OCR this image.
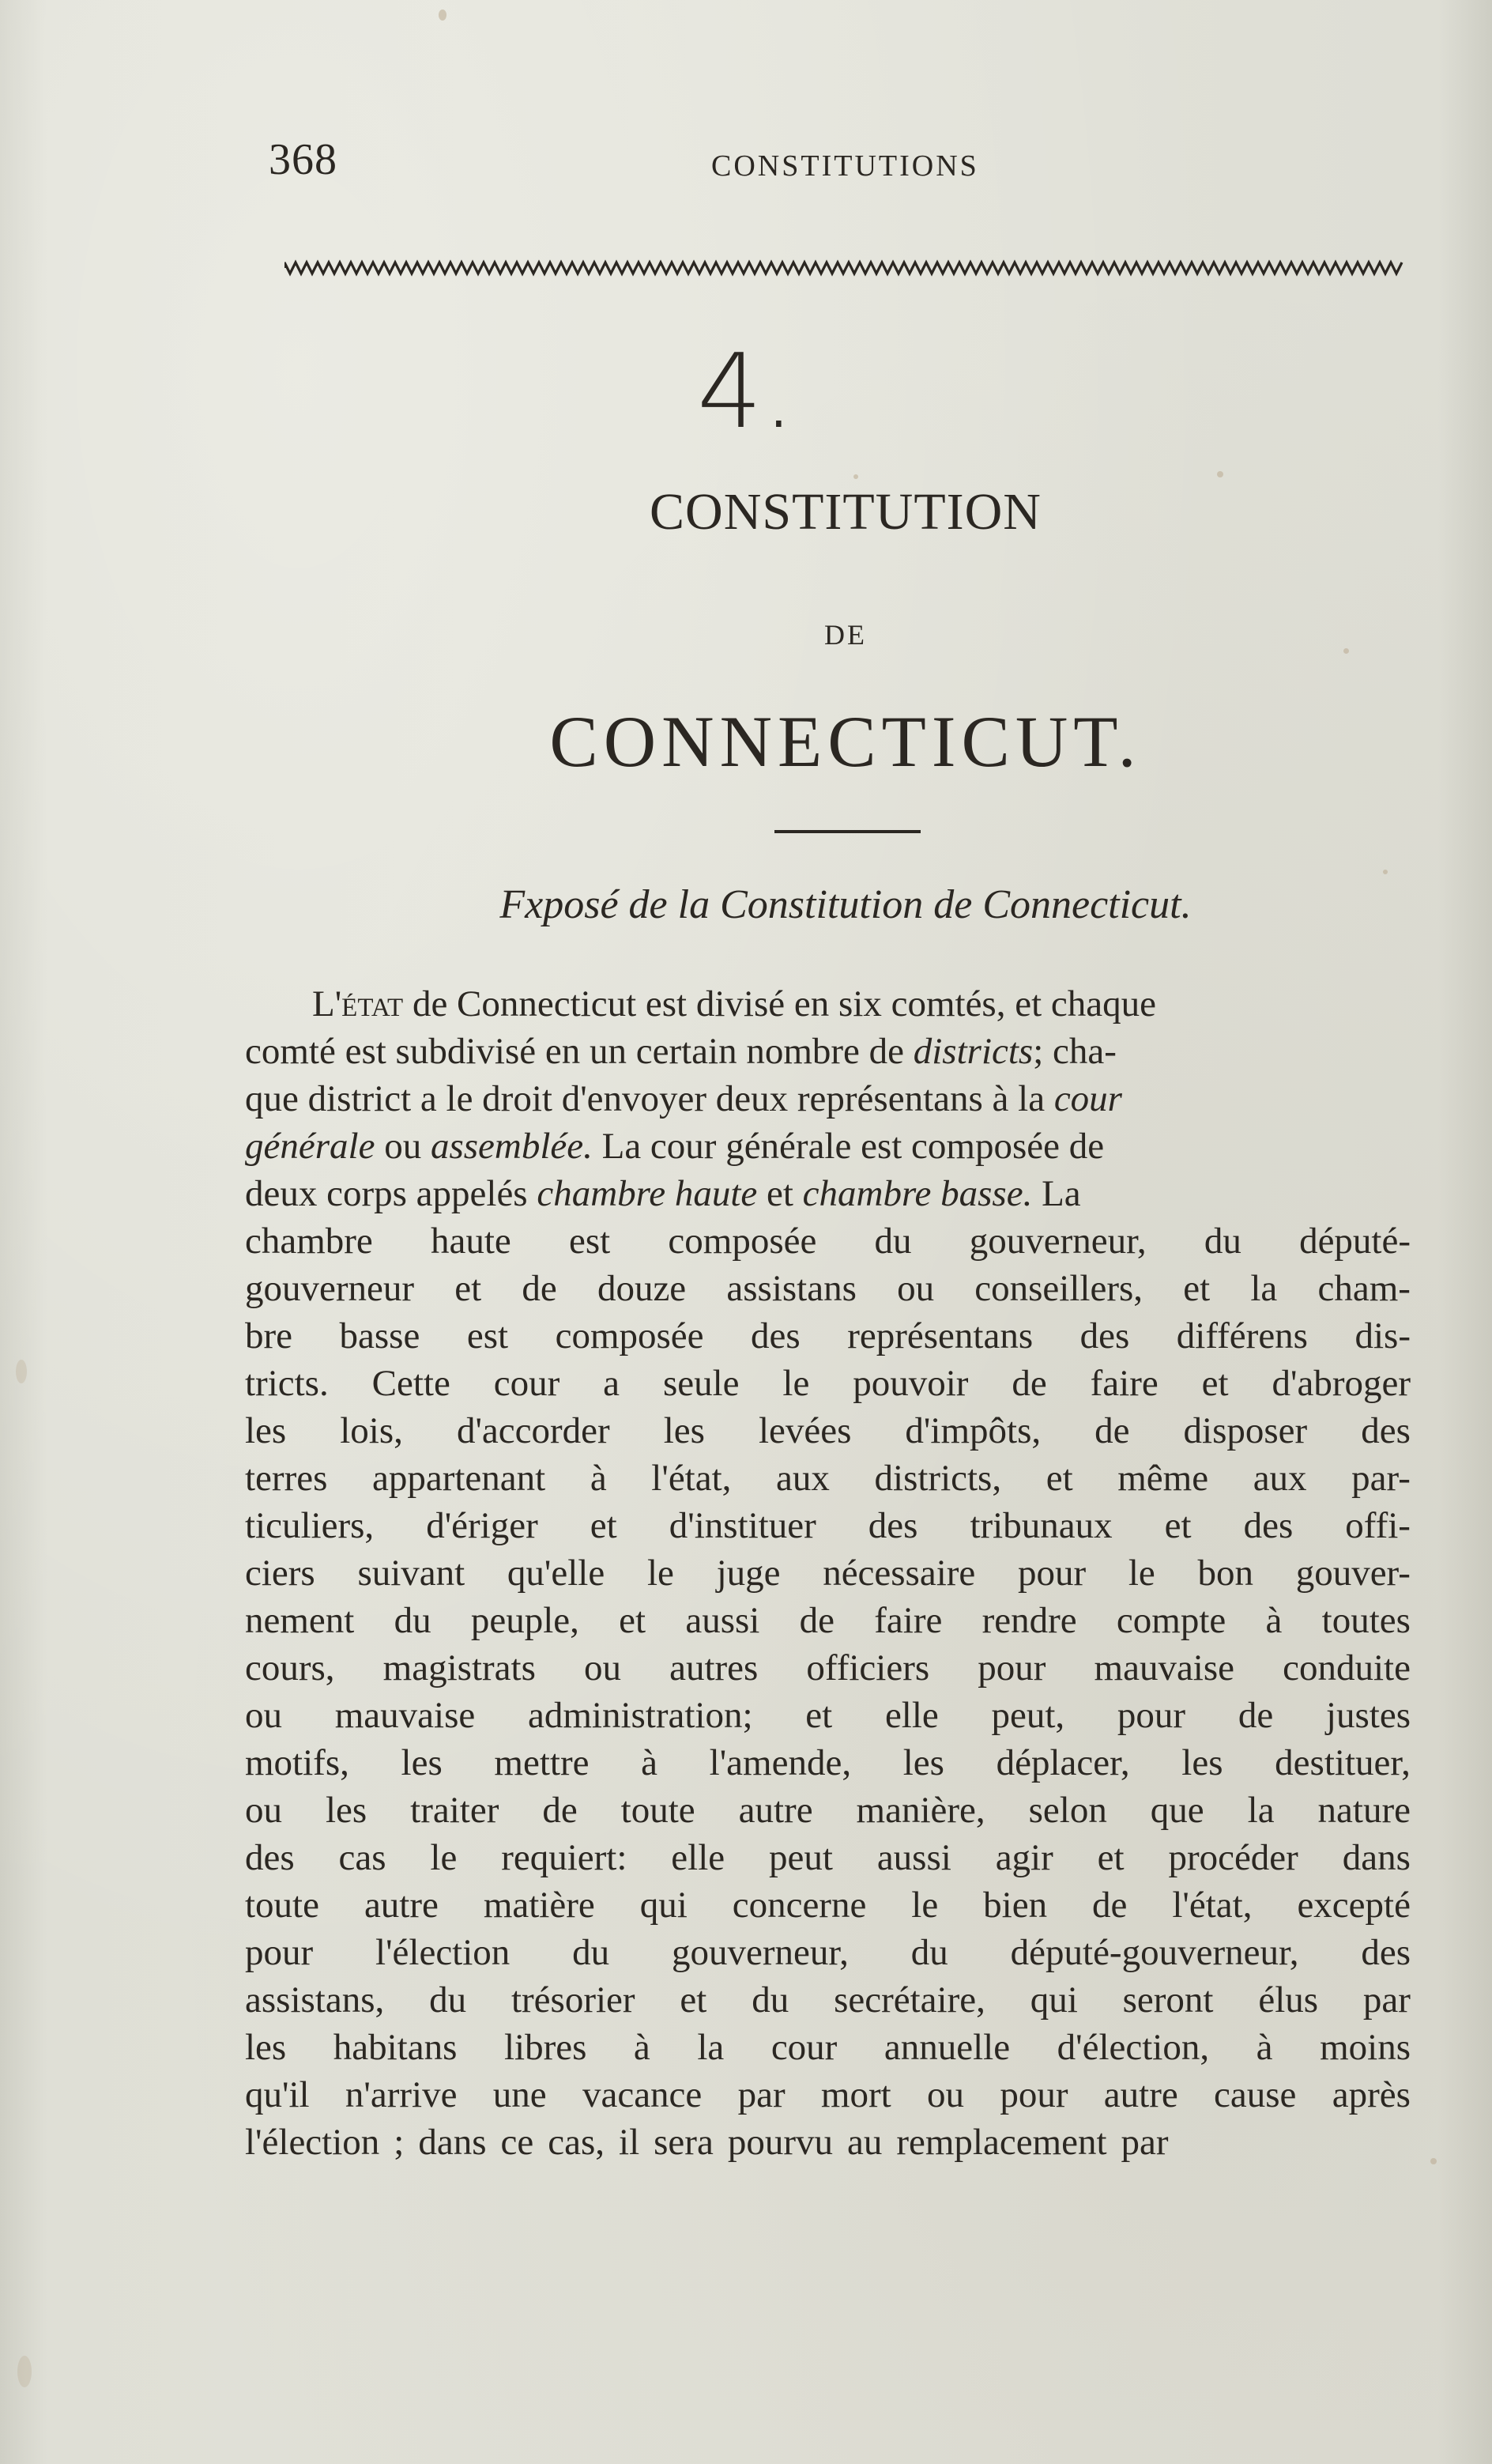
368	CONSTITUTIONS
4.
CONSTITUTION
DE
CONNECTICUT.
Fxposé de la Constitution de Connecticut.
L'état de Connecticut est divisé en six comtés, et chaque
comté est subdivisé en un certain nombre de districts; cha-
que district a le droit d'envoyer deux représentans à la cour
générale ou assemblée. La cour générale est composée de
deux corps appelés chambre haute et chambre basse. La
chambre haute est composée du gouverneur, du député-
gouverneur et de douze assistans ou conseillers, et la cham-
bre basse est composée des représentans des différens dis-
tricts. Cette cour a seule le pouvoir de faire et d'abroger
les lois, d'accorder les levées d'impôts, de disposer des
terres appartenant à l'état, aux districts, et même aux par-
ticuliers, d'ériger et d'instituer des tribunaux et des offi-
ciers suivant qu'elle le juge nécessaire pour le bon gouver-
nement du peuple, et aussi de faire rendre compte à toutes
cours, magistrats ou autres officiers pour mauvaise conduite
ou mauvaise administration; et elle peut, pour de justes
motifs, les mettre à l'amende, les déplacer, les destituer,
ou les traiter de toute autre manière, selon que la nature
des cas le requiert: elle peut aussi agir et procéder dans
toute autre matière qui concerne le bien de l'état, excepté
pour l'élection du gouverneur, du député-gouverneur, des
assistans, du trésorier et du secrétaire, qui seront élus par
les habitans libres à la cour annuelle d'élection, à moins
qu'il n'arrive une vacance par mort ou pour autre cause après
l'élection ; dans ce cas, il sera pourvu au remplacement par
